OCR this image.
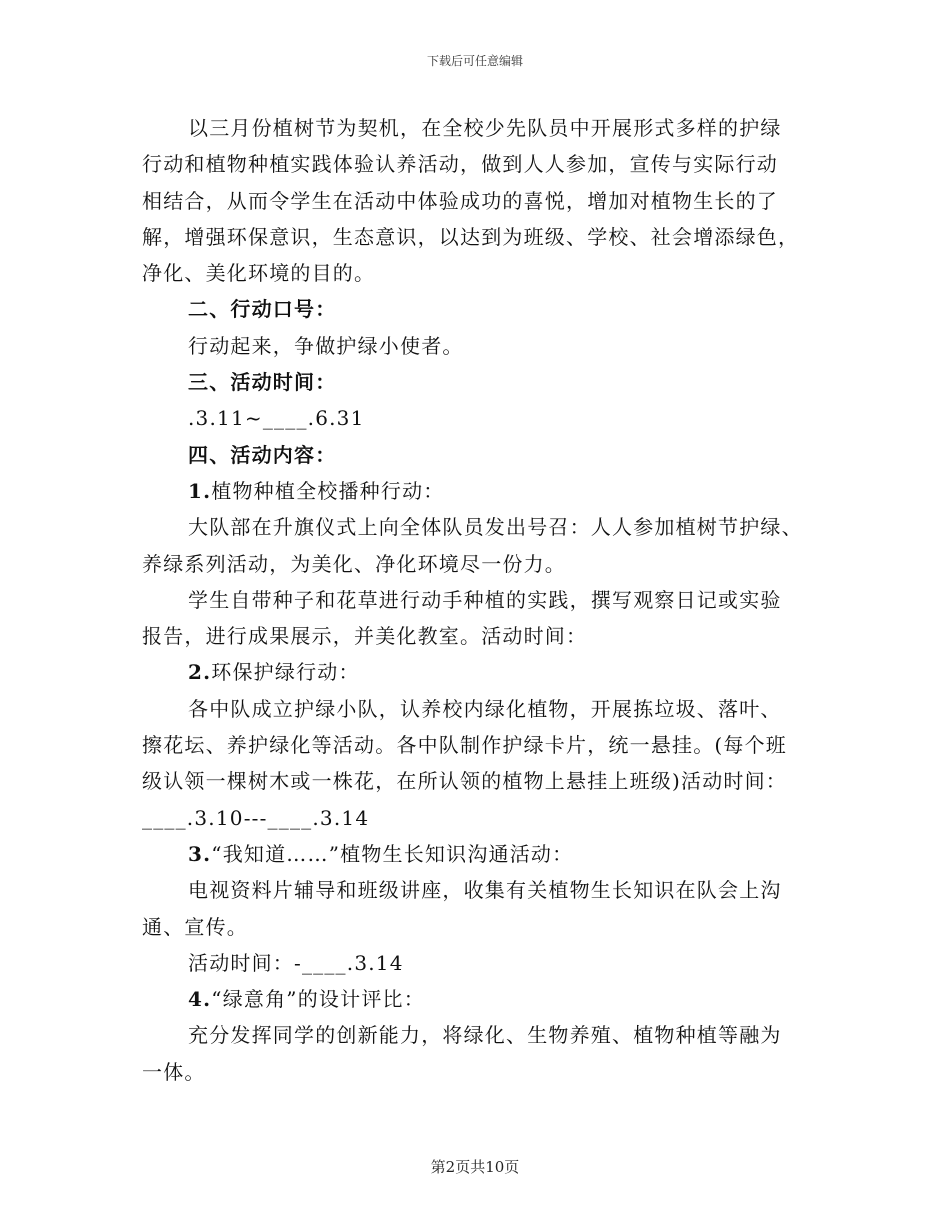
下载后可任意编辑
以三月份植树节为契机，在全校少先队员中开展形式多样的护绿
行动和植物种植实践体验认养活动，做到人人参加，宣传与实际行动
相结合，从而令学生在活动中体验成功的喜悦，增加对植物生长的了
解，增强环保意识，生态意识，以达到为班级、学校、社会增添绿色，
净化、美化环境的目的。
二、行动口号：
行动起来，争做护绿小使者。
三、活动时间：
.3.11~____.6.31
四、活动内容：
1.植物种植全校播种行动：
大队部在升旗仪式上向全体队员发出号召：人人参加植树节护绿、
养绿系列活动，为美化、净化环境尽一份力。
学生自带种子和花草进行动手种植的实践，撰写观察日记或实验
报告，进行成果展示，并美化教室。活动时间：
2.环保护绿行动：
各中队成立护绿小队，认养校内绿化植物，开展拣垃圾、落叶、
擦花坛、养护绿化等活动。各中队制作护绿卡片，统一悬挂。(每个班
级认领一棵树木或一株花，在所认领的植物上悬挂上班级)活动时间：
____.3.10---____.3.14
3.“我知道……”植物生长知识沟通活动：
电视资料片辅导和班级讲座，收集有关植物生长知识在队会上沟
通、宣传。
活动时间：-____.3.14
4.“绿意角”的设计评比：
充分发挥同学的创新能力，将绿化、生物养殖、植物种植等融为
一体。
第2页共10页
